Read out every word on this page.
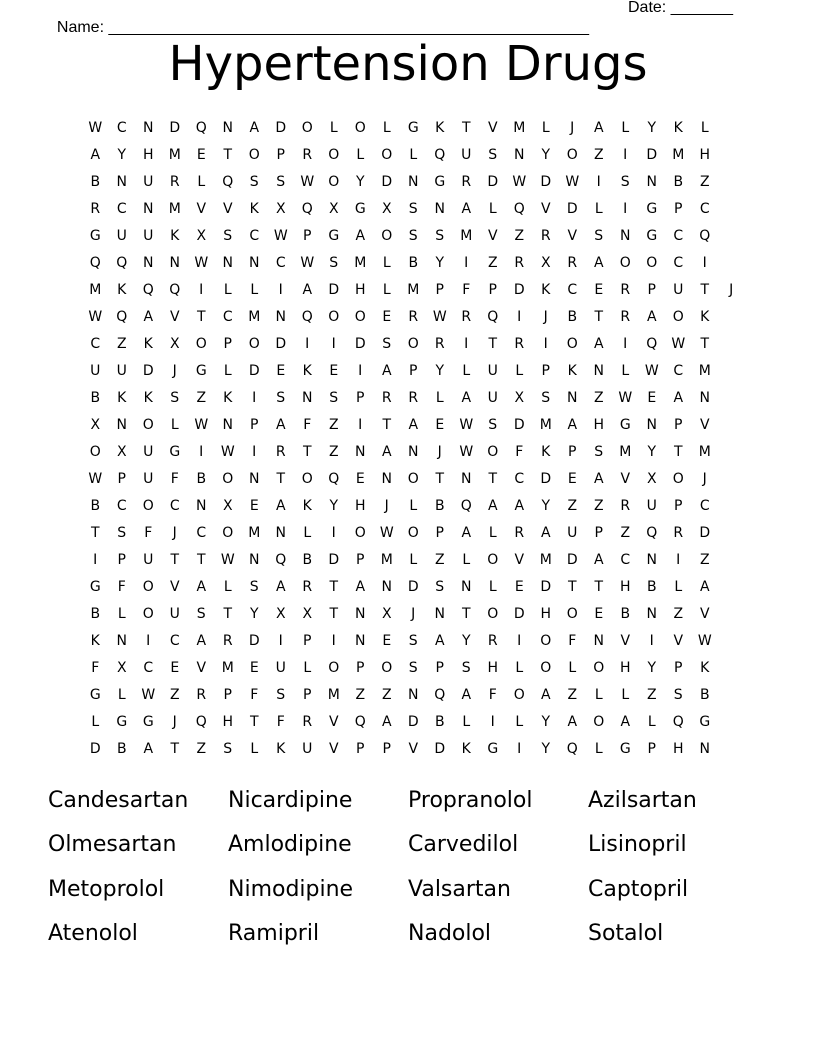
Name: ______________________________________________________

Date: _______

Hypertension Drugs
W	C	N	D	Q	N	A	D	O	L	O	L	G	K	T	V	M	L	J	A	L	Y	K	L
A	Y	H	M	E	T	O	P	R	O	L	O	L	Q	U	S	N	Y	O	Z	I	D	M	H
B	N	U	R	L	Q	S	S	W	O	Y	D	N	G	R	D	W	D	W	I	S	N	B	Z
R	C	N	M	V	V	K	X	Q	X	G	X	S	N	A	L	Q	V	D	L	I	G	P	C
G	U	U	K	X	S	C	W	P	G	A	O	S	S	M	V	Z	R	V	S	N	G	C	Q
Q	Q	N	N	W	N	N	C	W	S	M	L	B	Y	I	Z	R	X	R	A	O	O	C	I
M	K	Q	Q	I	L	L	I	A	D	H	L	M	P	F	P	D	K	C	E	R	P	U	T	J
W	Q	A	V	T	C	M	N	Q	O	O	E	R	W	R	Q	I	J	B	T	R	A	O	K
C	Z	K	X	O	P	O	D	I	I	D	S	O	R	I	T	R	I	O	A	I	Q	W	T
U	U	D	J	G	L	D	E	K	E	I	A	P	Y	L	U	L	P	K	N	L	W	C	M
B	K	K	S	Z	K	I	S	N	S	P	R	R	L	A	U	X	S	N	Z	W	E	A	N
X	N	O	L	W	N	P	A	F	Z	I	T	A	E	W	S	D	M	A	H	G	N	P	V
O	X	U	G	I	W	I	R	T	Z	N	A	N	J	W	O	F	K	P	S	M	Y	T	M
W	P	U	F	B	O	N	T	O	Q	E	N	O	T	N	T	C	D	E	A	V	X	O	J
B	C	O	C	N	X	E	A	K	Y	H	J	L	B	Q	A	A	Y	Z	Z	R	U	P	C
T	S	F	J	C	O	M	N	L	I	O	W	O	P	A	L	R	A	U	P	Z	Q	R	D
I	P	U	T	T	W	N	Q	B	D	P	M	L	Z	L	O	V	M	D	A	C	N	I	Z
G	F	O	V	A	L	S	A	R	T	A	N	D	S	N	L	E	D	T	T	H	B	L	A
B	L	O	U	S	T	Y	X	X	T	N	X	J	N	T	O	D	H	O	E	B	N	Z	V
K	N	I	C	A	R	D	I	P	I	N	E	S	A	Y	R	I	O	F	N	V	I	V	W
F	X	C	E	V	M	E	U	L	O	P	O	S	P	S	H	L	O	L	O	H	Y	P	K
G	L	W	Z	R	P	F	S	P	M	Z	Z	N	Q	A	F	O	A	Z	L	L	Z	S	B
L	G	G	J	Q	H	T	F	R	V	Q	A	D	B	L	I	L	Y	A	O	A	L	Q	G
D	B	A	T	Z	S	L	K	U	V	P	P	V	D	K	G	I	Y	Q	L	G	P	H	N
Candesartan	Nicardipine	Propranolol	Azilsartan
Olmesartan	Amlodipine	Carvedilol	Lisinopril
Metoprolol	Nimodipine	Valsartan	Captopril
Atenolol	Ramipril	Nadolol	Sotalol
